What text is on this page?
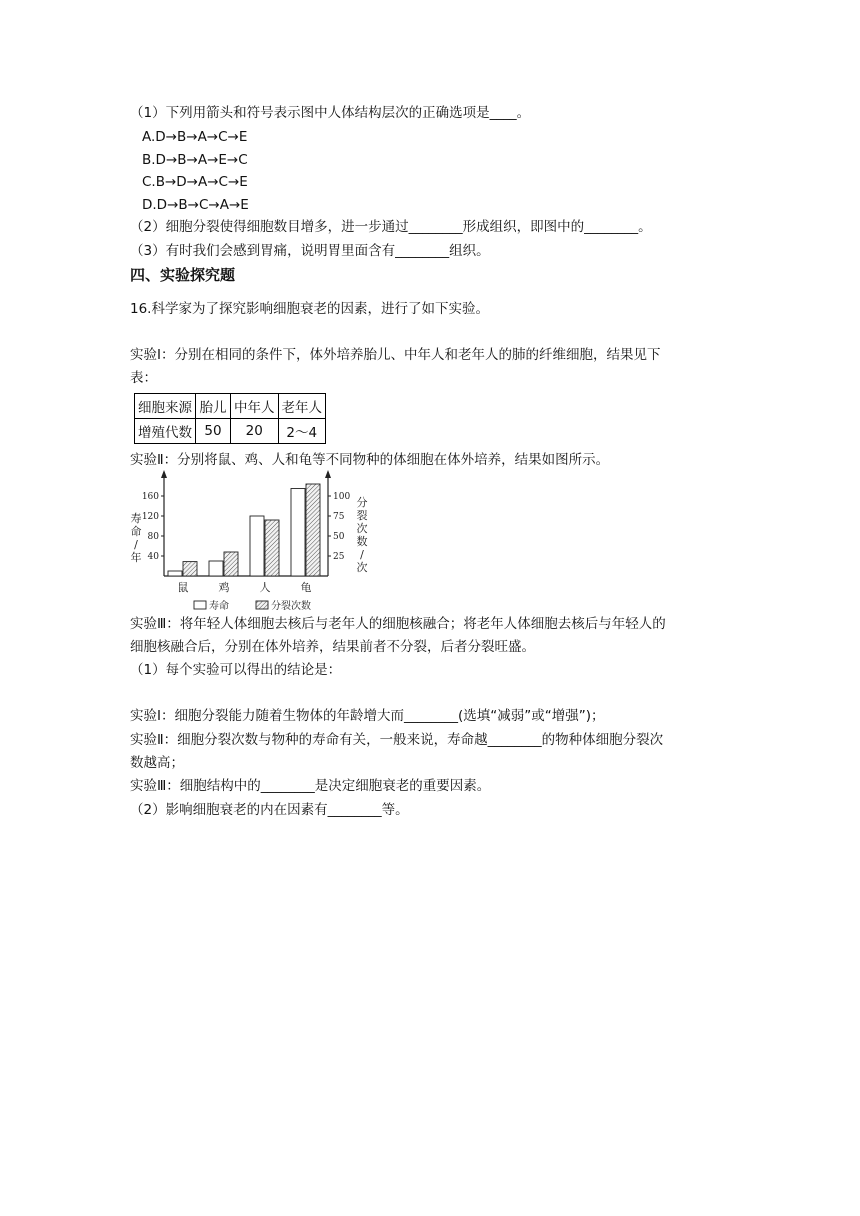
（1）下列用箭头和符号表示图中人体结构层次的正确选项是____。
A.D→B→A→C→E
B.D→B→A→E→C
C.B→D→A→C→E
D.D→B→C→A→E
（2）细胞分裂使得细胞数目增多，进一步通过________形成组织，即图中的________。
（3）有时我们会感到胃痛，说明胃里面含有________组织。
四、实验探究题
16.科学家为了探究影响细胞衰老的因素，进行了如下实验。
实验Ⅰ：分别在相同的条件下，体外培养胎儿、中年人和老年人的肺的纤维细胞，结果见下
表：
细胞来源	胎儿	中年人	老年人
增殖代数	50	20	2～4
实验Ⅱ：分别将鼠、鸡、人和龟等不同物种的体细胞在体外培养，结果如图所示。
40
80
120
160
25
50
75
100
寿
命
/
年
分
裂
次
数
/
次
鼠	鸡	人	龟
寿命	分裂次数
实验Ⅲ：将年轻人体细胞去核后与老年人的细胞核融合；将老年人体细胞去核后与年轻人的
细胞核融合后，分别在体外培养，结果前者不分裂，后者分裂旺盛。
（1）每个实验可以得出的结论是：
实验Ⅰ：细胞分裂能力随着生物体的年龄增大而________(选填“减弱”或“增强”)；
实验Ⅱ：细胞分裂次数与物种的寿命有关，一般来说，寿命越________的物种体细胞分裂次
数越高；
实验Ⅲ：细胞结构中的________是决定细胞衰老的重要因素。
（2）影响细胞衰老的内在因素有________等。
